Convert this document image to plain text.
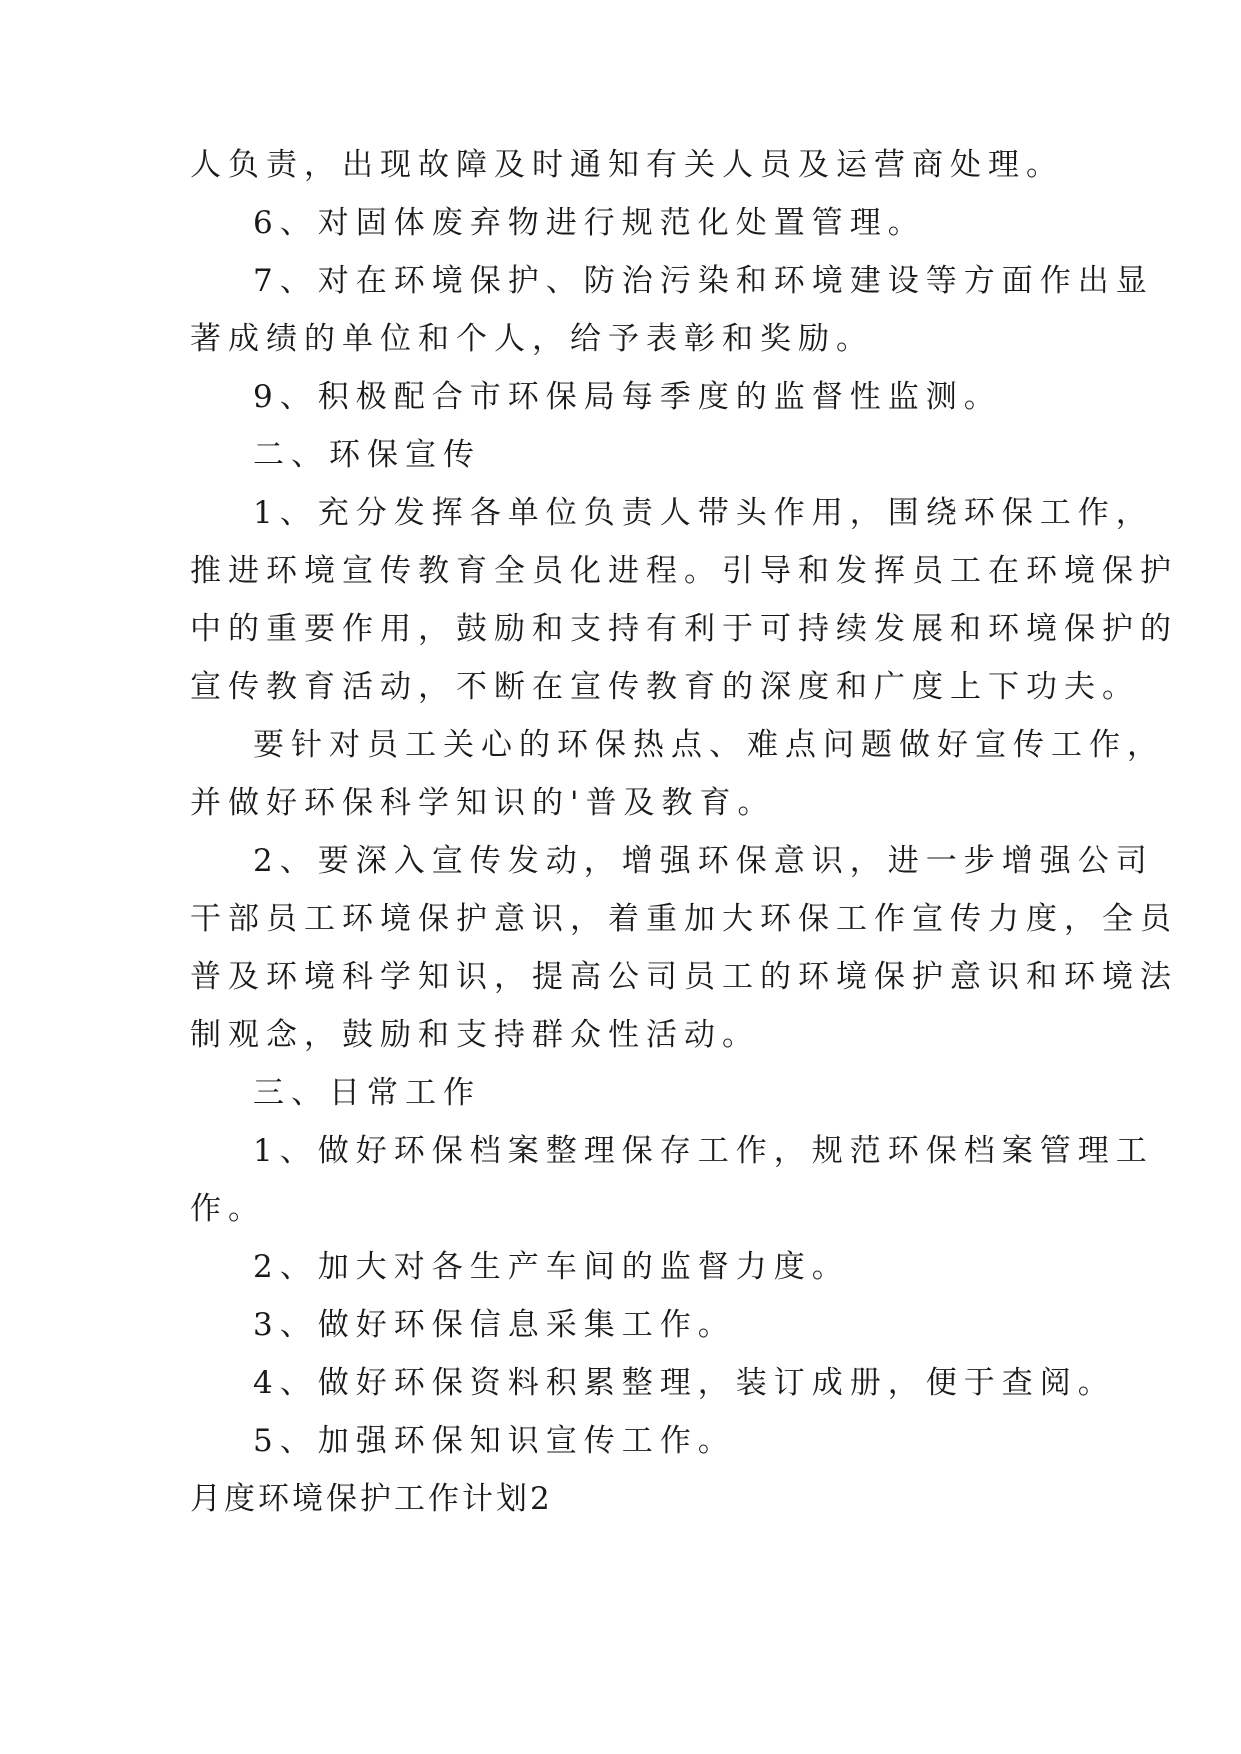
人负责，出现故障及时通知有关人员及运营商处理。
6、对固体废弃物进行规范化处置管理。
7、对在环境保护、防治污染和环境建设等方面作出显
著成绩的单位和个人，给予表彰和奖励。
9、积极配合市环保局每季度的监督性监测。
二、环保宣传
1、充分发挥各单位负责人带头作用，围绕环保工作，
推进环境宣传教育全员化进程。引导和发挥员工在环境保护
中的重要作用，鼓励和支持有利于可持续发展和环境保护的
宣传教育活动，不断在宣传教育的深度和广度上下功夫。
要针对员工关心的环保热点、难点问题做好宣传工作，
并做好环保科学知识的'普及教育。
2、要深入宣传发动，增强环保意识，进一步增强公司
干部员工环境保护意识，着重加大环保工作宣传力度，全员
普及环境科学知识，提高公司员工的环境保护意识和环境法
制观念，鼓励和支持群众性活动。
三、日常工作
1、做好环保档案整理保存工作，规范环保档案管理工
作。
2、加大对各生产车间的监督力度。
3、做好环保信息采集工作。
4、做好环保资料积累整理，装订成册，便于查阅。
5、加强环保知识宣传工作。
月度环境保护工作计划2
